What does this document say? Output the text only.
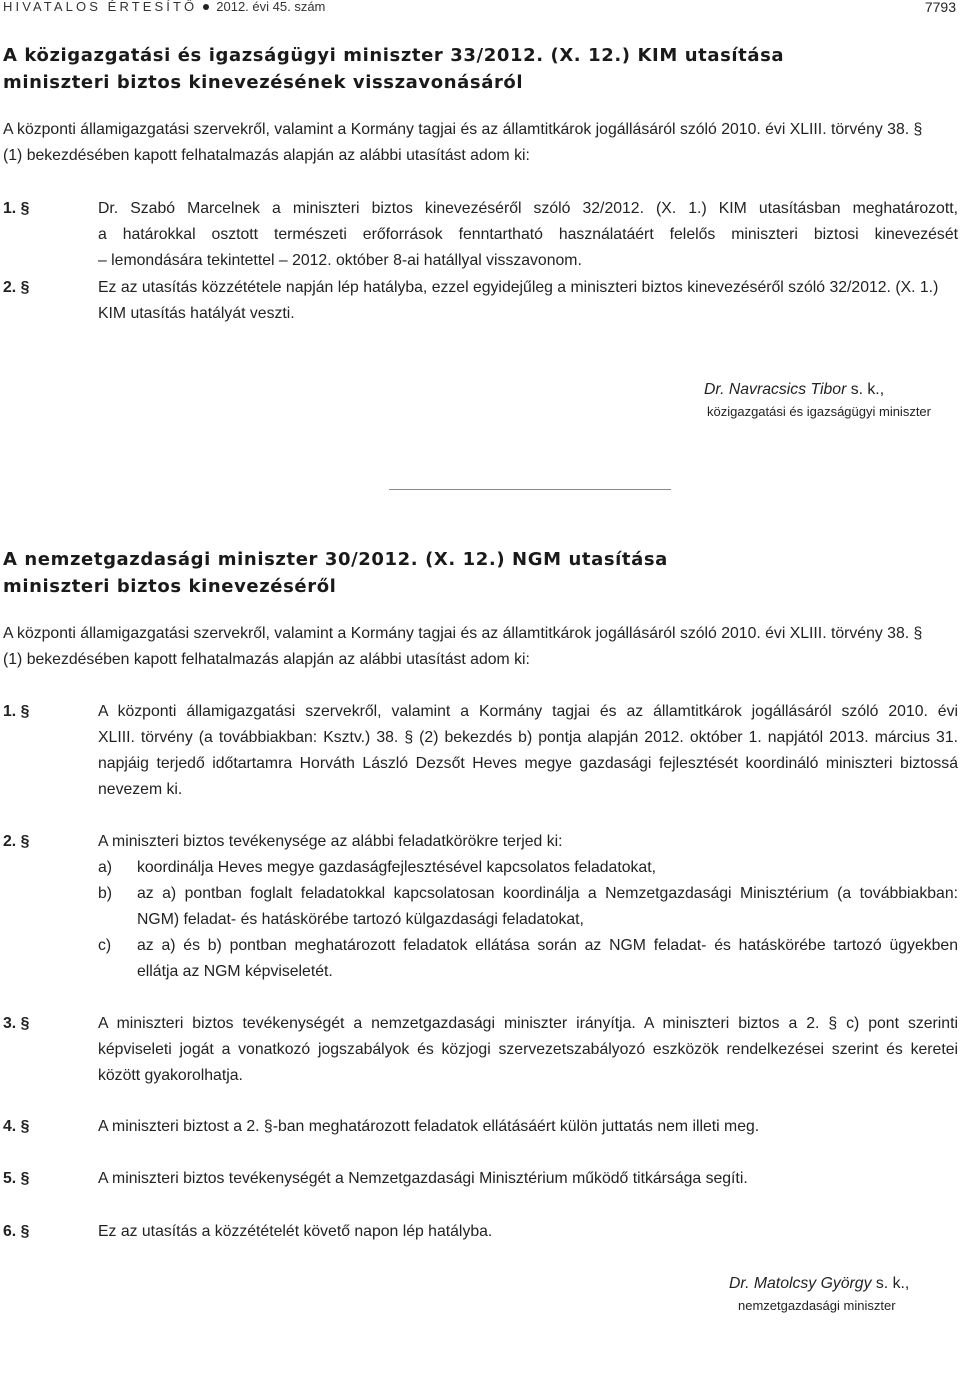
HIVATALOS ÉRTESÍTŐ 2012. évi 45. szám	7793
A közigazgatási és igazságügyi miniszter 33/2012. (X. 12.) KIM utasítása
miniszteri biztos kinevezésének visszavonásáról
A központi államigazgatási szervekről, valamint a Kormány tagjai és az államtitkárok jogállásáról szóló 2010. évi XLIII. törvény 38. §
(1) bekezdésében kapott felhatalmazás alapján az alábbi utasítást adom ki:
1. §	Dr. Szabó Marcelnek a miniszteri biztos kinevezéséről szóló 32/2012. (X. 1.) KIM utasításban meghatározott,
a határokkal osztott természeti erőforrások fenntartható használatáért felelős miniszteri biztosi kinevezését
– lemondására tekintettel – 2012. október 8-ai hatállyal visszavonom.
2. §	Ez az utasítás közzététele napján lép hatályba, ezzel egyidejűleg a miniszteri biztos kinevezéséről szóló 32/2012. (X. 1.)
KIM utasítás hatályát veszti.
Dr. Navracsics Tibor s. k.,
közigazgatási és igazságügyi miniszter
A nemzetgazdasági miniszter 30/2012. (X. 12.) NGM utasítása
miniszteri biztos kinevezéséről
A központi államigazgatási szervekről, valamint a Kormány tagjai és az államtitkárok jogállásáról szóló 2010. évi XLIII. törvény 38. §
(1) bekezdésében kapott felhatalmazás alapján az alábbi utasítást adom ki:
1. §	A központi államigazgatási szervekről, valamint a Kormány tagjai és az államtitkárok jogállásáról szóló 2010. évi
XLIII. törvény (a továbbiakban: Ksztv.) 38. § (2) bekezdés b) pontja alapján 2012. október 1. napjától 2013. március 31.
napjáig terjedő időtartamra Horváth László Dezsőt Heves megye gazdasági fejlesztését koordináló miniszteri biztossá
nevezem ki.
2. §	A miniszteri biztos tevékenysége az alábbi feladatkörökre terjed ki:
a) koordinálja Heves megye gazdaságfejlesztésével kapcsolatos feladatokat,
b) az a) pontban foglalt feladatokkal kapcsolatosan koordinálja a Nemzetgazdasági Minisztérium (a továbbiakban:
NGM) feladat- és hatáskörébe tartozó külgazdasági feladatokat,
c) az a) és b) pontban meghatározott feladatok ellátása során az NGM feladat- és hatáskörébe tartozó ügyekben
ellátja az NGM képviseletét.
3. §	A miniszteri biztos tevékenységét a nemzetgazdasági miniszter irányítja. A miniszteri biztos a 2. § c) pont szerinti
képviseleti jogát a vonatkozó jogszabályok és közjogi szervezetszabályozó eszközök rendelkezései szerint és keretei
között gyakorolhatja.
4. §	A miniszteri biztost a 2. §-ban meghatározott feladatok ellátásáért külön juttatás nem illeti meg.
5. §	A miniszteri biztos tevékenységét a Nemzetgazdasági Minisztérium működő titkársága segíti.
6. §	Ez az utasítás a közzétételét követő napon lép hatályba.
Dr. Matolcsy György s. k.,
nemzetgazdasági miniszter
